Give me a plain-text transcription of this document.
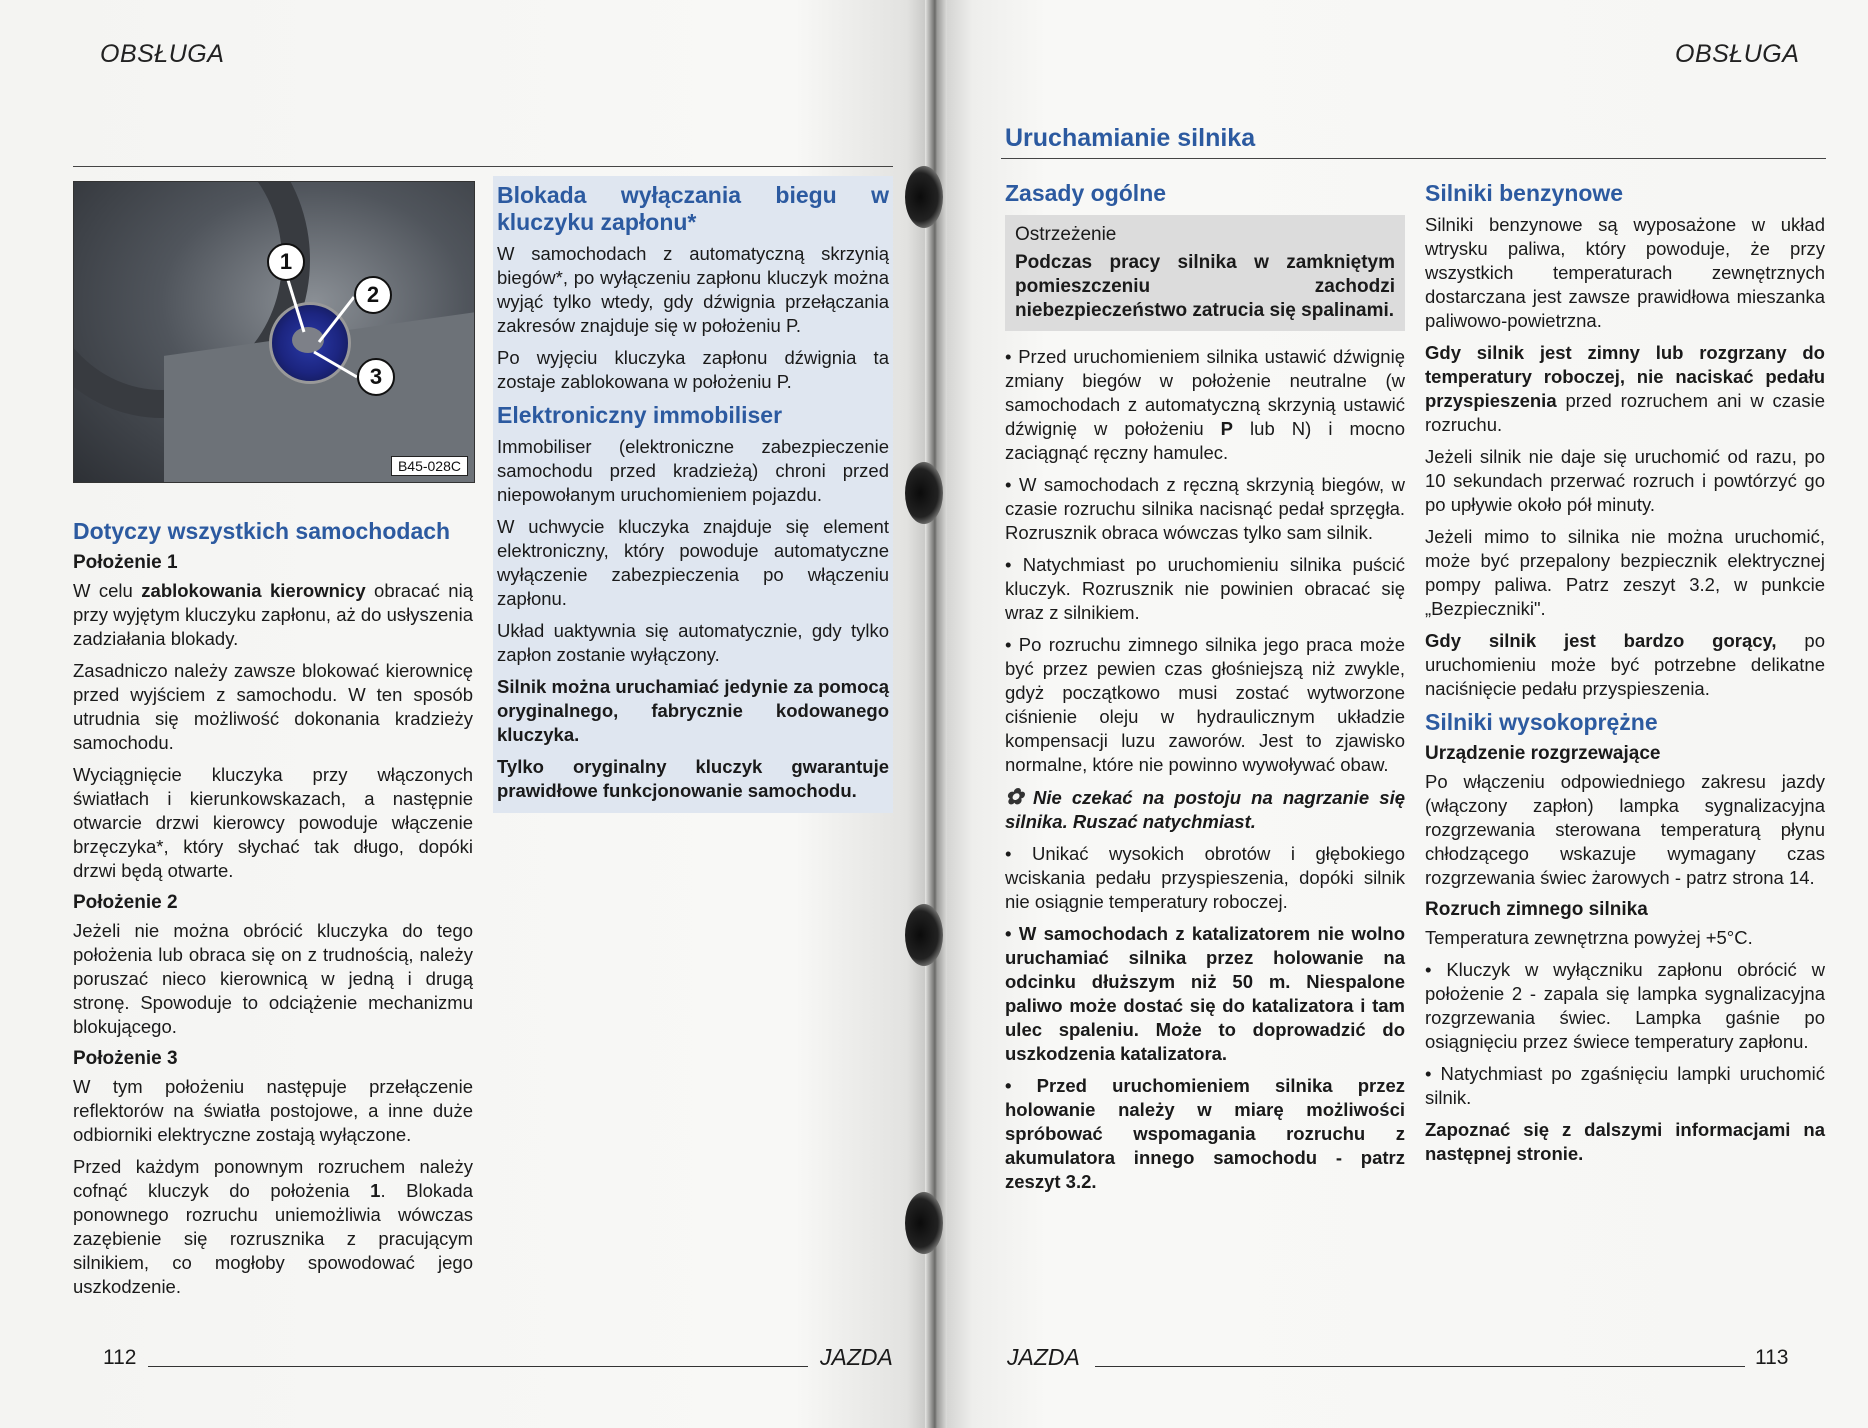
OBSŁUGA
1
2
3
B45-028C
Dotyczy wszystkich samochodach
Położenie 1

W celu zablokowania kierownicy obracać nią przy wyjętym kluczyku zapłonu, aż do usłyszenia zadziałania blokady.

Zasadniczo należy zawsze blokować kierownicę przed wyjściem z samochodu. W ten sposób utrudnia się możliwość dokonania kradzieży samochodu.

Wyciągnięcie kluczyka przy włączonych światłach i kierunkowskazach, a następnie otwarcie drzwi kierowcy powoduje włączenie brzęczyka*, który słychać tak długo, dopóki drzwi będą otwarte.

Położenie 2

Jeżeli nie można obrócić kluczyka do tego położenia lub obraca się on z trudnością, należy poruszać nieco kierownicą w jedną i drugą stronę. Spowoduje to odciążenie mechanizmu blokującego.

Położenie 3

W tym położeniu następuje przełączenie reflektorów na światła postojowe, a inne duże odbiorniki elektryczne zostają wyłączone.

Przed każdym ponownym rozruchem należy cofnąć kluczyk do położenia 1. Blokada ponownego rozruchu uniemożliwia wówczas zazębienie się rozrusznika z pracującym silnikiem, co mogłoby spowodować jego uszkodzenie.

Blokada wyłączania biegu w kluczyku zapłonu*

W samochodach z automatyczną skrzynią biegów*, po wyłączeniu zapłonu kluczyk można wyjąć tylko wtedy, gdy dźwignia przełączania zakresów znajduje się w położeniu P.

Po wyjęciu kluczyka zapłonu dźwignia ta zostaje zablokowana w położeniu P.

Elektroniczny immobiliser

Immobiliser (elektroniczne zabezpieczenie samochodu przed kradzieżą) chroni przed niepowołanym uruchomieniem pojazdu.

W uchwycie kluczyka znajduje się element elektroniczny, który powoduje automatyczne wyłączenie zabezpieczenia po włączeniu zapłonu.

Układ uaktywnia się automatycznie, gdy tylko zapłon zostanie wyłączony.

Silnik można uruchamiać jedynie za pomocą oryginalnego, fabrycznie kodowanego kluczyka.

Tylko oryginalny kluczyk gwarantuje prawidłowe funkcjonowanie samochodu.

112	JAZDA
OBSŁUGA
Uruchamianie silnika
Zasady ogólne
Ostrzeżenie
Podczas pracy silnika w zamkniętym pomieszczeniu zachodzi niebezpieczeństwo zatrucia się spalinami.

• Przed uruchomieniem silnika ustawić dźwignię zmiany biegów w położenie neutralne (w samochodach z automatyczną skrzynią ustawić dźwignię w położeniu P lub N) i mocno zaciągnąć ręczny hamulec.

• W samochodach z ręczną skrzynią biegów, w czasie rozruchu silnika nacisnąć pedał sprzęgła. Rozrusznik obraca wówczas tylko sam silnik.

• Natychmiast po uruchomieniu silnika puścić kluczyk. Rozrusznik nie powinien obracać się wraz z silnikiem.

• Po rozruchu zimnego silnika jego praca może być przez pewien czas głośniejszą niż zwykle, gdyż początkowo musi zostać wytworzone ciśnienie oleju w hydraulicznym układzie kompensacji luzu zaworów. Jest to zjawisko normalne, które nie powinno wywoływać obaw.

✿ Nie czekać na postoju na nagrzanie się silnika. Ruszać natychmiast.

• Unikać wysokich obrotów i głębokiego wciskania pedału przyspieszenia, dopóki silnik nie osiągnie temperatury roboczej.

• W samochodach z katalizatorem nie wolno uruchamiać silnika przez holowanie na odcinku dłuższym niż 50 m. Niespalone paliwo może dostać się do katalizatora i tam ulec spaleniu. Może to doprowadzić do uszkodzenia katalizatora.

• Przed uruchomieniem silnika przez holowanie należy w miarę możliwości spróbować wspomagania rozruchu z akumulatora innego samochodu - patrz zeszyt 3.2.

Silniki benzynowe

Silniki benzynowe są wyposażone w układ wtrysku paliwa, który powoduje, że przy wszystkich temperaturach zewnętrznych dostarczana jest zawsze prawidłowa mieszanka paliwowo-powietrzna.

Gdy silnik jest zimny lub rozgrzany do temperatury roboczej, nie naciskać pedału przyspieszenia przed rozruchem ani w czasie rozruchu.

Jeżeli silnik nie daje się uruchomić od razu, po 10 sekundach przerwać rozruch i powtórzyć go po upływie około pół minuty.

Jeżeli mimo to silnika nie można uruchomić, może być przepalony bezpiecznik elektrycznej pompy paliwa. Patrz zeszyt 3.2, w punkcie „Bezpieczniki".

Gdy silnik jest bardzo gorący, po uruchomieniu może być potrzebne delikatne naciśnięcie pedału przyspieszenia.

Silniki wysokoprężne
Urządzenie rozgrzewające

Po włączeniu odpowiedniego zakresu jazdy (włączony zapłon) lampka sygnalizacyjna rozgrzewania sterowana temperaturą płynu chłodzącego wskazuje wymagany czas rozgrzewania świec żarowych - patrz strona 14.

Rozruch zimnego silnika

Temperatura zewnętrzna powyżej +5°C.

• Kluczyk w wyłączniku zapłonu obrócić w położenie 2 - zapala się lampka sygnalizacyjna rozgrzewania świec. Lampka gaśnie po osiągnięciu przez świece temperatury zapłonu.

• Natychmiast po zgaśnięciu lampki uruchomić silnik.

Zapoznać się z dalszymi informacjami na następnej stronie.

JAZDA	113
